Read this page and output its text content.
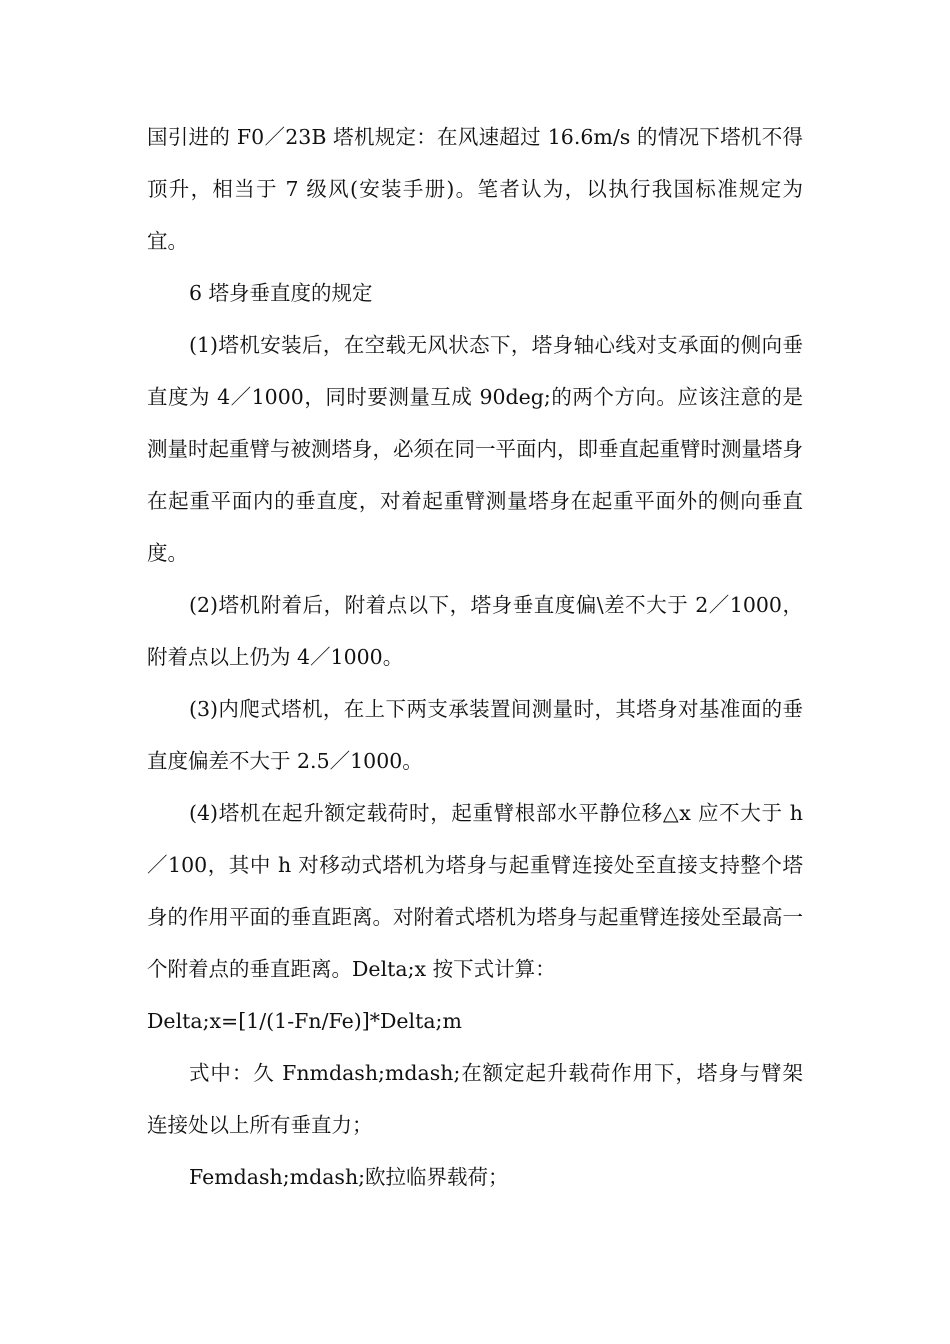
国引进的 F0／23B 塔机规定：在风速超过 16.6m/s 的情况下塔机不得顶升，相当于 7 级风(安装手册)。笔者认为，以执行我国标准规定为宜。

6 塔身垂直度的规定

(1)塔机安装后，在空载无风状态下，塔身轴心线对支承面的侧向垂直度为 4／1000，同时要测量互成 90deg;的两个方向。应该注意的是测量时起重臂与被测塔身，必须在同一平面内，即垂直起重臂时测量塔身在起重平面内的垂直度，对着起重臂测量塔身在起重平面外的侧向垂直度。

(2)塔机附着后，附着点以下，塔身垂直度偏\差不大于 2／1000，附着点以上仍为 4／1000。

(3)内爬式塔机，在上下两支承装置间测量时，其塔身对基准面的垂直度偏差不大于 2.5／1000。

(4)塔机在起升额定载荷时，起重臂根部水平静位移△x 应不大于 h／100，其中 h 对移动式塔机为塔身与起重臂连接处至直接支持整个塔身的作用平面的垂直距离。对附着式塔机为塔身与起重臂连接处至最高一个附着点的垂直距离。Delta;x 按下式计算：

Delta;x=[1/(1-Fn/Fe)]*Delta;m

式中：久 Fnmdash;mdash;在额定起升载荷作用下，塔身与臂架连接处以上所有垂直力；

Femdash;mdash;欧拉临界载荷；
